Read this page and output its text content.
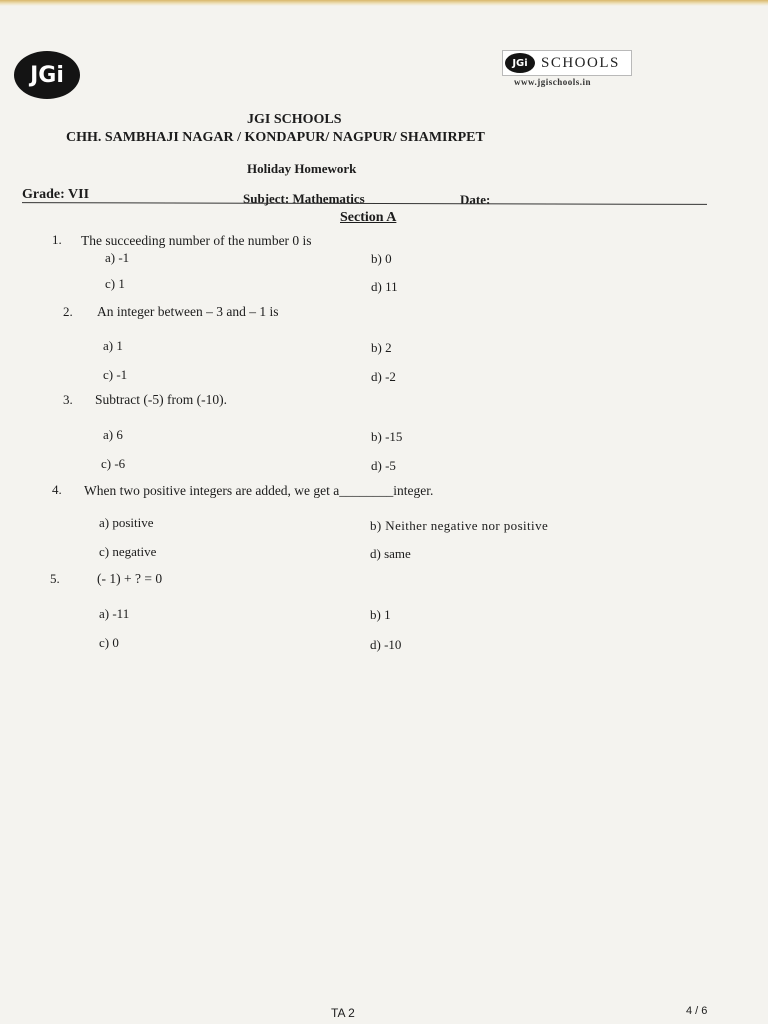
JGi	JGi SCHOOLS
www.jgischools.in
JGI SCHOOLS
CHH. SAMBHAJI NAGAR / KONDAPUR/ NAGPUR/ SHAMIRPET
Holiday Homework
Grade: VII	Subject: Mathematics	Date:
Section A
1. The succeeding number of the number 0 is
a) -1	b) 0
c) 1	d) 11
2. An integer between – 3 and – 1 is
a) 1	b) 2
c) -1	d) -2
3. Subtract (-5) from (-10).
a) 6	b) -15
c) -6	d) -5
4. When two positive integers are added, we get a________integer.
a) positive	b) Neither negative nor positive
c) negative	d) same
5.	(- 1) + ? = 0
a) -11	b) 1
c) 0	d) -10
TA 2	4 / 6
